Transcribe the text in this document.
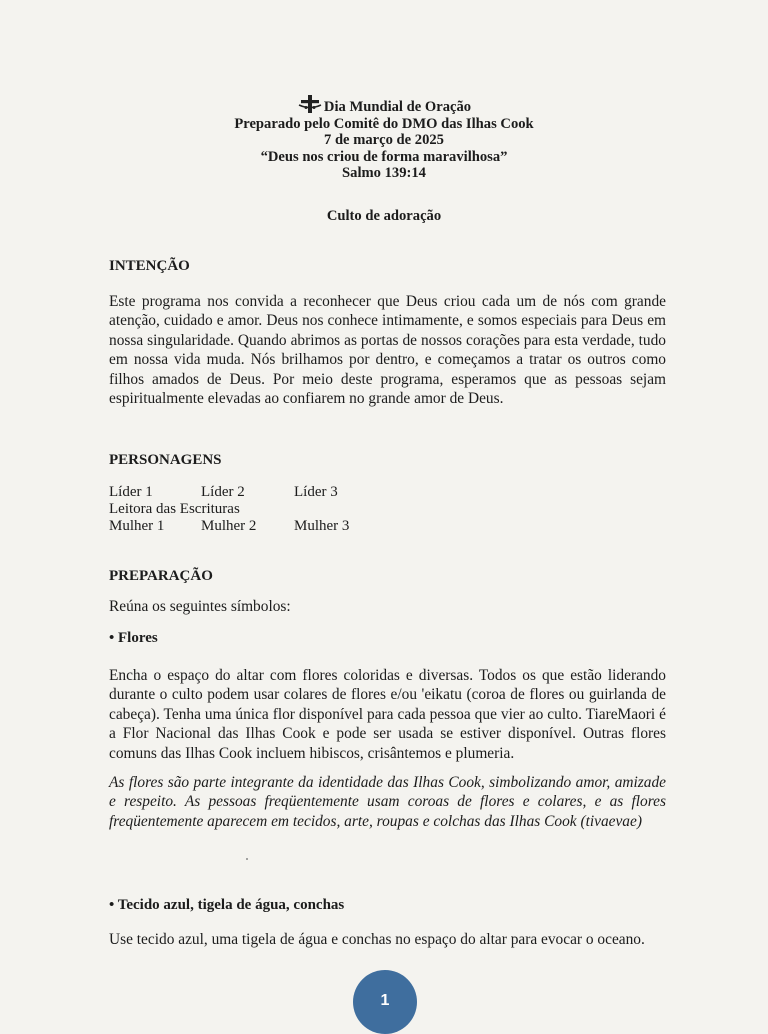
Dia Mundial de Oração
Preparado pelo Comitê do DMO das Ilhas Cook
7 de março de 2025
“Deus nos criou de forma maravilhosa”
Salmo 139:14
Culto de adoração
INTENÇÃO
Este programa nos convida a reconhecer que Deus criou cada um de nós com grande atenção, cuidado e amor. Deus nos conhece intimamente, e somos especiais para Deus em nossa singularidade. Quando abrimos as portas de nossos corações para esta verdade, tudo em nossa vida muda. Nós brilhamos por dentro, e começamos a tratar os outros como filhos amados de Deus. Por meio deste programa, esperamos que as pessoas sejam espiritualmente elevadas ao confiarem no grande amor de Deus.
PERSONAGENS
Líder 1	Líder 2	Líder 3
Leitora das Escrituras
Mulher 1	Mulher 2	Mulher 3
PREPARAÇÃO
Reúna os seguintes símbolos:
• Flores
Encha o espaço do altar com flores coloridas e diversas. Todos os que estão liderando durante o culto podem usar colares de flores e/ou 'eikatu (coroa de flores ou guirlanda de cabeça). Tenha uma única flor disponível para cada pessoa que vier ao culto. TiareMaori é a Flor Nacional das Ilhas Cook e pode ser usada se estiver disponível. Outras flores comuns das Ilhas Cook incluem hibiscos, crisântemos e plumeria.
As flores são parte integrante da identidade das Ilhas Cook, simbolizando amor, amizade e respeito. As pessoas freqüentemente usam coroas de flores e colares, e as flores freqüentemente aparecem em tecidos, arte, roupas e colchas das Ilhas Cook (tivaevae)
• Tecido azul, tigela de água, conchas
Use tecido azul, uma tigela de água e conchas no espaço do altar para evocar o oceano.
1
